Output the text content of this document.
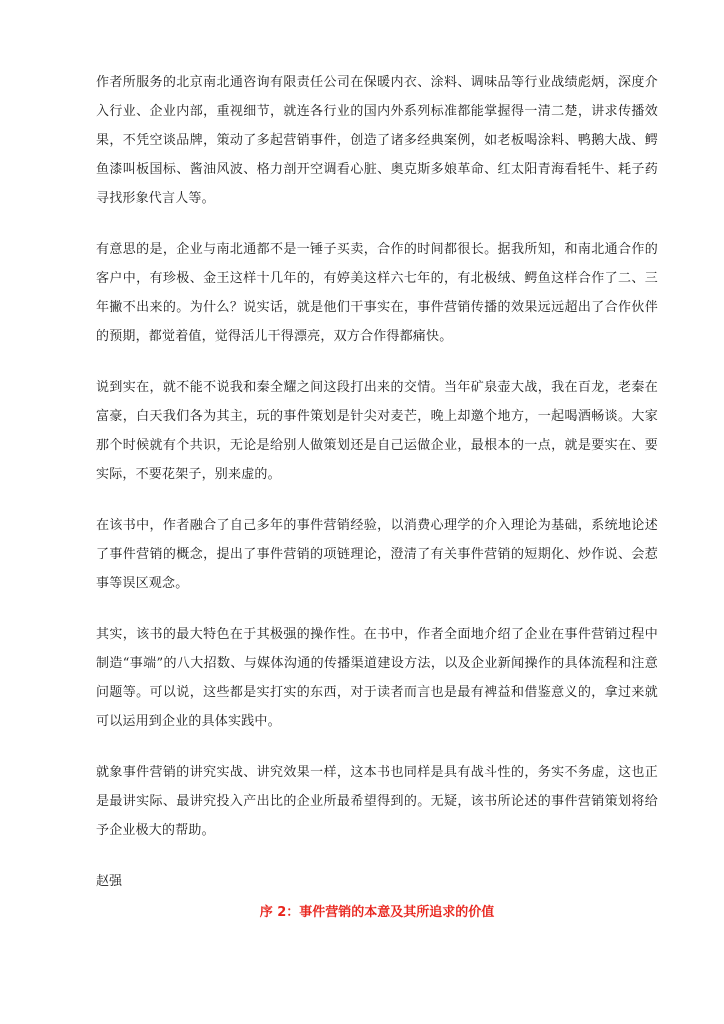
作者所服务的北京南北通咨询有限责任公司在保暖内衣、涂料、调味品等行业战绩彪炳，深度介入行业、企业内部，重视细节，就连各行业的国内外系列标准都能掌握得一清二楚，讲求传播效果，不凭空谈品牌，策动了多起营销事件，创造了诸多经典案例，如老板喝涂料、鸭鹅大战、鳄鱼漆叫板国标、酱油风波、格力剖开空调看心脏、奥克斯多娘革命、红太阳青海看牦牛、耗子药寻找形象代言人等。

有意思的是，企业与南北通都不是一锤子买卖，合作的时间都很长。据我所知，和南北通合作的客户中，有珍极、金王这样十几年的，有婷美这样六七年的，有北极绒、鳄鱼这样合作了二、三年撇不出来的。为什么？说实话，就是他们干事实在，事件营销传播的效果远远超出了合作伙伴的预期，都觉着值，觉得活儿干得漂亮，双方合作得都痛快。

说到实在，就不能不说我和秦全耀之间这段打出来的交情。当年矿泉壶大战，我在百龙，老秦在富豪，白天我们各为其主，玩的事件策划是针尖对麦芒，晚上却邀个地方，一起喝酒畅谈。大家那个时候就有个共识，无论是给别人做策划还是自己运做企业，最根本的一点，就是要实在、要实际，不要花架子，别来虚的。

在该书中，作者融合了自己多年的事件营销经验，以消费心理学的介入理论为基础，系统地论述了事件营销的概念，提出了事件营销的项链理论，澄清了有关事件营销的短期化、炒作说、会惹事等误区观念。

其实，该书的最大特色在于其极强的操作性。在书中，作者全面地介绍了企业在事件营销过程中制造“事端”的八大招数、与媒体沟通的传播渠道建设方法，以及企业新闻操作的具体流程和注意问题等。可以说，这些都是实打实的东西，对于读者而言也是最有裨益和借鉴意义的，拿过来就可以运用到企业的具体实践中。

就象事件营销的讲究实战、讲究效果一样，这本书也同样是具有战斗性的，务实不务虚，这也正是最讲实际、最讲究投入产出比的企业所最希望得到的。无疑，该书所论述的事件营销策划将给予企业极大的帮助。

赵强

序 2：事件营销的本意及其所追求的价值
